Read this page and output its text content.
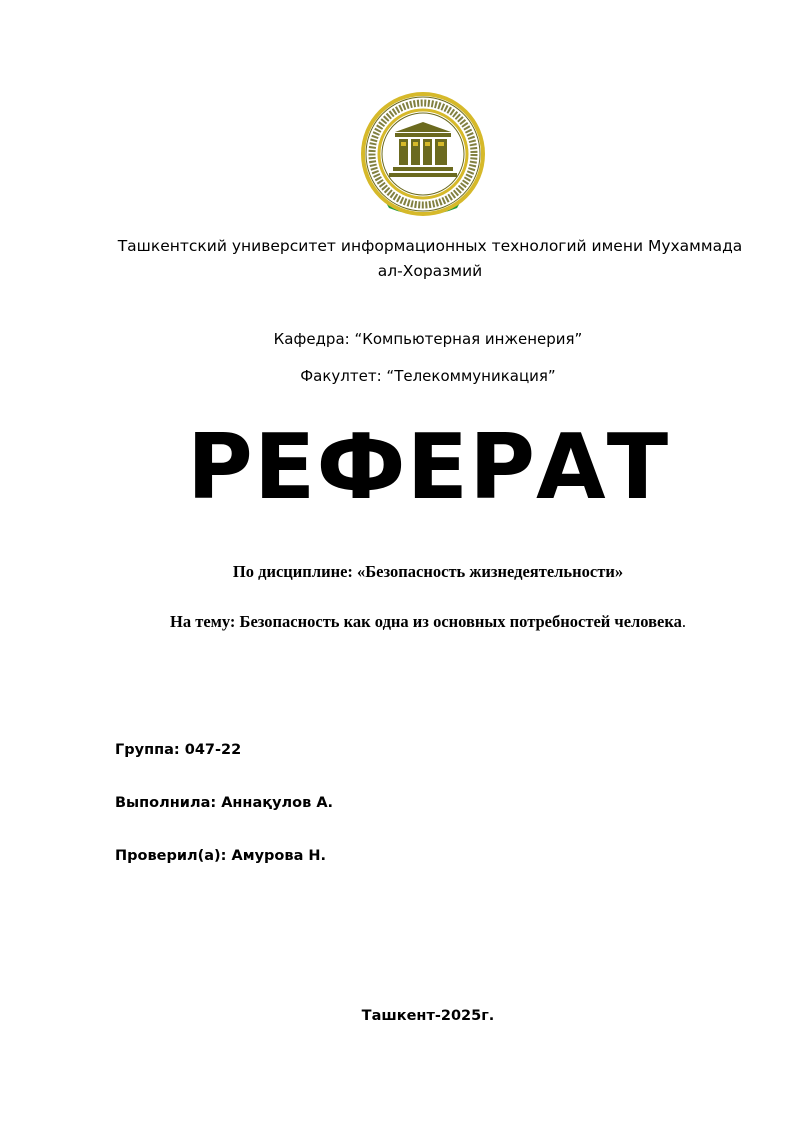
Ташкентский университет информационных технологий имени Мухаммада
ал-Хоразмий
Кафедра: “Компьютерная инженерия”
Факултет: “Телекоммуникация”
РЕФЕРАТ
По дисциплине: «Безопасность жизнедеятельности»
На тему: Безопасность как одна из основных потребностей человека.
Группа: 047-22
Выполнила: Аннақулов А.
Проверил(а): Амурова Н.
Ташкент-2025г.
